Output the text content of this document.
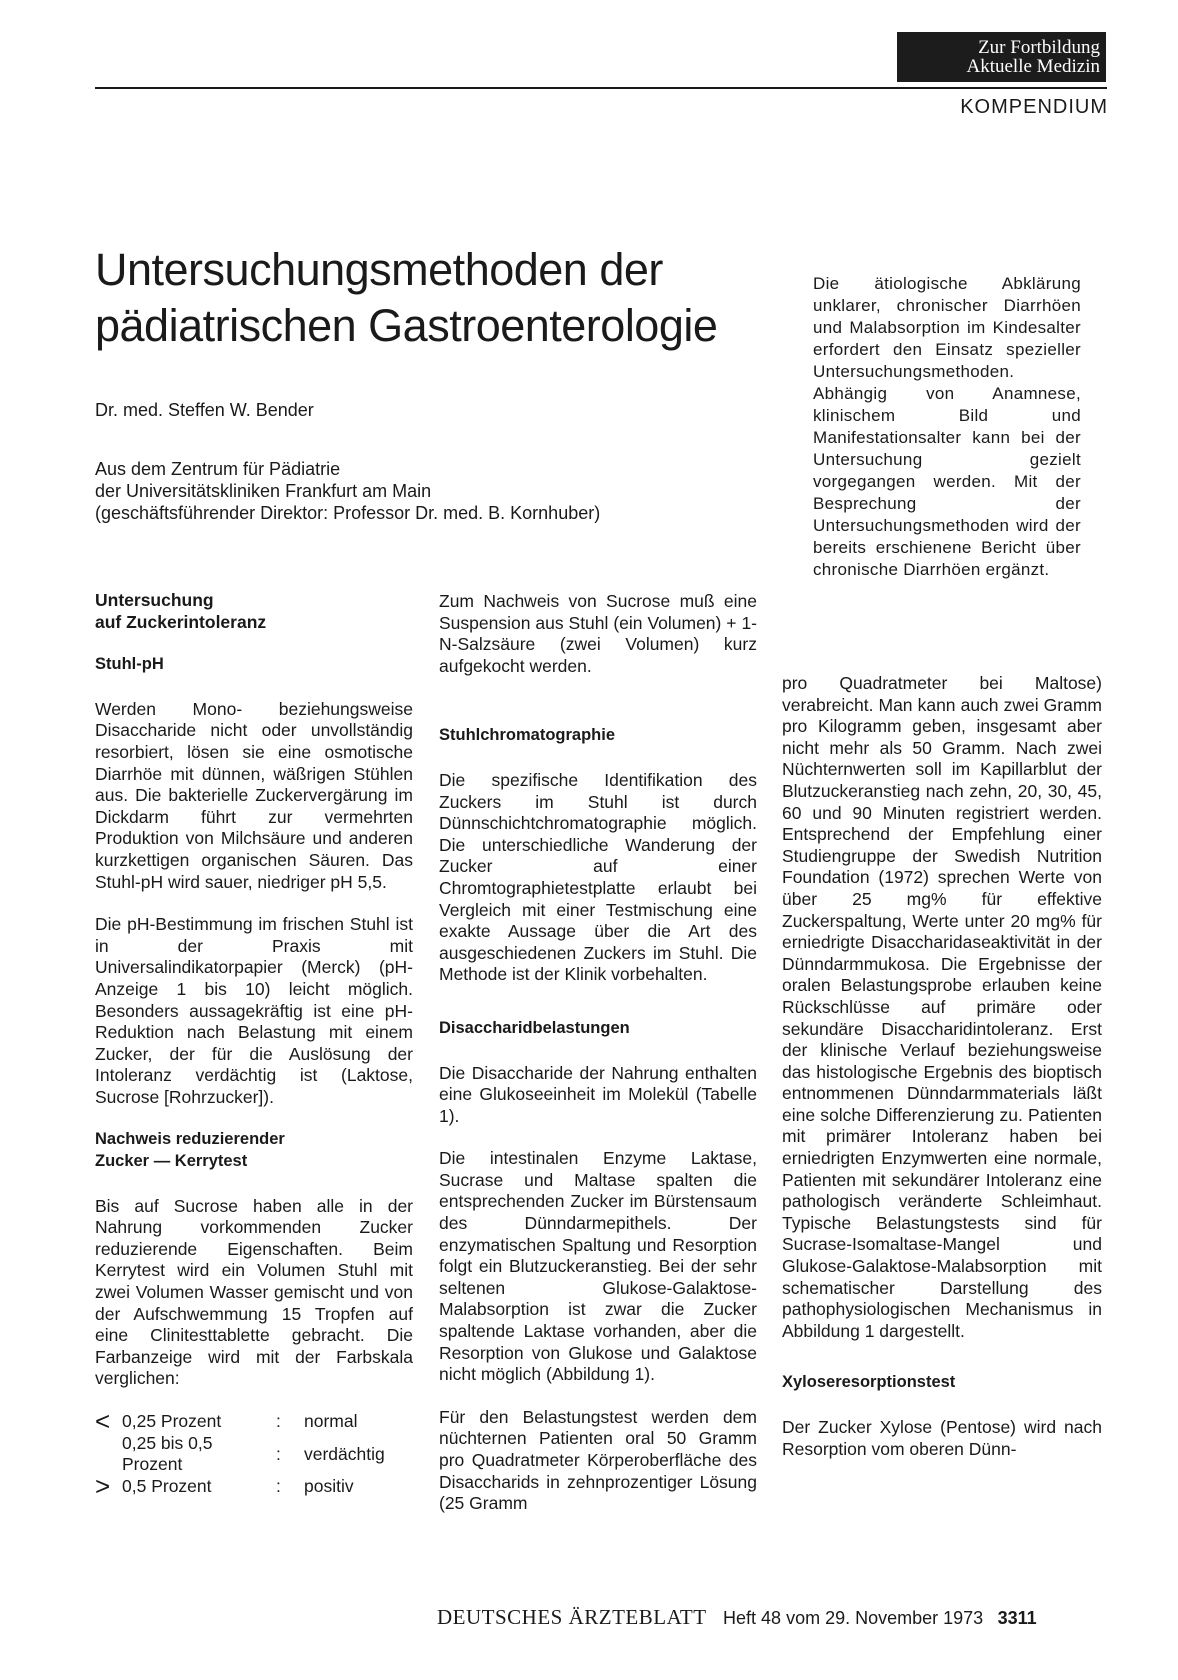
Zur Fortbildung
Aktuelle Medizin
KOMPENDIUM
Untersuchungsmethoden der
pädiatrischen Gastroenterologie
Dr. med. Steffen W. Bender
Aus dem Zentrum für Pädiatrie
der Universitätskliniken Frankfurt am Main
(geschäftsführender Direktor: Professor Dr. med. B. Kornhuber)
Die ätiologische Abklärung unklarer, chronischer Diarrhöen und Malabsorption im Kindesalter erfordert den Einsatz spezieller Untersuchungsmethoden. Abhängig von Anamnese, klinischem Bild und Manifestationsalter kann bei der Untersuchung gezielt vorgegangen werden. Mit der Besprechung der Untersuchungsmethoden wird der bereits erschienene Bericht über chronische Diarrhöen ergänzt.
Untersuchung
auf Zuckerintoleranz
Stuhl-pH

Werden Mono- beziehungsweise Disaccharide nicht oder unvollständig resorbiert, lösen sie eine osmotische Diarrhöe mit dünnen, wäßrigen Stühlen aus. Die bakterielle Zuckervergärung im Dickdarm führt zur vermehrten Produktion von Milchsäure und anderen kurzkettigen organischen Säuren. Das Stuhl-pH wird sauer, niedriger pH 5,5.

Die pH-Bestimmung im frischen Stuhl ist in der Praxis mit Universalindikatorpapier (Merck) (pH-Anzeige 1 bis 10) leicht möglich. Besonders aussagekräftig ist eine pH-Reduktion nach Belastung mit einem Zucker, der für die Auslösung der Intoleranz verdächtig ist (Laktose, Sucrose [Rohrzucker]).

Nachweis reduzierender
Zucker — Kerrytest

Bis auf Sucrose haben alle in der Nahrung vorkommenden Zucker reduzierende Eigenschaften. Beim Kerrytest wird ein Volumen Stuhl mit zwei Volumen Wasser gemischt und von der Aufschwemmung 15 Tropfen auf eine Clinitesttablette gebracht. Die Farbanzeige wird mit der Farbskala verglichen:

< 0,25 Prozent	: normal
0,25 bis 0,5 Prozent
: verdächtig
> 0,5 Prozent	: positiv

Zum Nachweis von Sucrose muß eine Suspension aus Stuhl (ein Volumen) + 1-N-Salzsäure (zwei Volumen) kurz aufgekocht werden.

Stuhlchromatographie

Die spezifische Identifikation des Zuckers im Stuhl ist durch Dünnschichtchromatographie möglich. Die unterschiedliche Wanderung der Zucker auf einer Chromtographietestplatte erlaubt bei Vergleich mit einer Testmischung eine exakte Aussage über die Art des ausgeschiedenen Zuckers im Stuhl. Die Methode ist der Klinik vorbehalten.

Disaccharidbelastungen

Die Disaccharide der Nahrung enthalten eine Glukoseeinheit im Molekül (Tabelle 1).

Die intestinalen Enzyme Laktase, Sucrase und Maltase spalten die entsprechenden Zucker im Bürstensaum des Dünndarmepithels. Der enzymatischen Spaltung und Resorption folgt ein Blutzuckeranstieg. Bei der sehr seltenen Glukose-Galaktose-Malabsorption ist zwar die Zucker spaltende Laktase vorhanden, aber die Resorption von Glukose und Galaktose nicht möglich (Abbildung 1).

Für den Belastungstest werden dem nüchternen Patienten oral 50 Gramm pro Quadratmeter Körperoberfläche des Disaccharids in zehnprozentiger Lösung (25 Gramm

pro Quadratmeter bei Maltose) verabreicht. Man kann auch zwei Gramm pro Kilogramm geben, insgesamt aber nicht mehr als 50 Gramm. Nach zwei Nüchternwerten soll im Kapillarblut der Blutzuckeranstieg nach zehn, 20, 30, 45, 60 und 90 Minuten registriert werden. Entsprechend der Empfehlung einer Studiengruppe der Swedish Nutrition Foundation (1972) sprechen Werte von über 25 mg% für effektive Zuckerspaltung, Werte unter 20 mg% für erniedrigte Disaccharidaseaktivität in der Dünndarmmukosa. Die Ergebnisse der oralen Belastungsprobe erlauben keine Rückschlüsse auf primäre oder sekundäre Disaccharidintoleranz. Erst der klinische Verlauf beziehungsweise das histologische Ergebnis des bioptisch entnommenen Dünndarmmaterials läßt eine solche Differenzierung zu. Patienten mit primärer Intoleranz haben bei erniedrigten Enzymwerten eine normale, Patienten mit sekundärer Intoleranz eine pathologisch veränderte Schleimhaut. Typische Belastungstests sind für Sucrase-Isomaltase-Mangel und Glukose-Galaktose-Malabsorption mit schematischer Darstellung des pathophysiologischen Mechanismus in Abbildung 1 dargestellt.

Xyloseresorptionstest

Der Zucker Xylose (Pentose) wird nach Resorption vom oberen Dünn-

DEUTSCHES ÄRZTEBLATT Heft 48 vom 29. November 1973 3311
